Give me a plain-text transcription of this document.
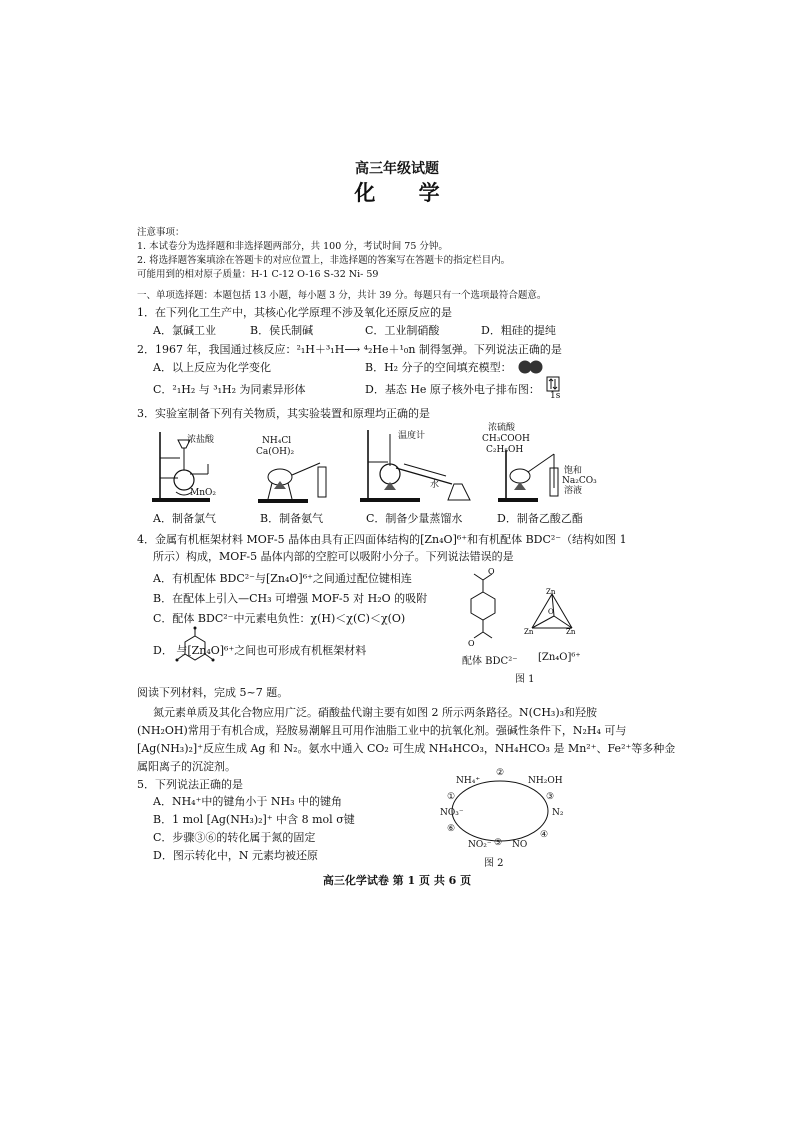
高三年级试题
化 学
注意事项：
1. 本试卷分为选择题和非选择题两部分，共 100 分，考试时间 75 分钟。
2. 将选择题答案填涂在答题卡的对应位置上，非选择题的答案写在答题卡的指定栏目内。
可能用到的相对原子质量：H-1 C-12 O-16 S-32 Ni- 59
一、单项选择题：本题包括 13 小题，每小题 3 分，共计 39 分。每题只有一个选项最符合题意。
1．在下列化工生产中，其核心化学原理不涉及氧化还原反应的是
A．氯碱工业	B．侯氏制碱	C．工业制硝酸	D．粗硅的提纯
2．1967 年，我国通过核反应：²₁H＋³₁H⟶ ⁴₂He＋¹₀n 制得氢弹。下列说法正确的是
A．以上反应为化学变化	B．H₂ 分子的空间填充模型：
C．²₁H₂ 与 ³₁H₂ 为同素异形体	D．基态 He 原子核外电子排布图： 1s
3．实验室制备下列有关物质，其实验装置和原理均正确的是
浓盐酸
MnO₂
NH₄Cl
Ca(OH)₂
温度计
水
浓硫酸
CH₃COOH
C₂H₅OH
饱和
Na₂CO₃
溶液
A．制备氯气	B．制备氨气	C．制备少量蒸馏水	D．制备乙酸乙酯
4．金属有机框架材料 MOF-5 晶体由具有正四面体结构的[Zn₄O]⁶⁺和有机配体 BDC²⁻（结构如图 1
所示）构成，MOF-5 晶体内部的空腔可以吸附小分子。下列说法错误的是
A．有机配体 BDC²⁻与[Zn₄O]⁶⁺之间通过配位键相连
B．在配体上引入—CH₃ 可增强 MOF-5 对 H₂O 的吸附
C．配体 BDC²⁻中元素电负性：χ(H)＜χ(C)＜χ(O)
D． 与[Zn₄O]⁶⁺之间也可形成有机框架材料
O
O
Zn
Zn	Zn
O
配体 BDC²⁻ [Zn₄O]⁶⁺
图 1
阅读下列材料，完成 5~7 题。
氮元素单质及其化合物应用广泛。硝酸盐代谢主要有如图 2 所示两条路径。N(CH₃)₃和羟胺
(NH₂OH)常用于有机合成，羟胺易潮解且可用作油脂工业中的抗氧化剂。强碱性条件下，N₂H₄ 可与
[Ag(NH₃)₂]⁺反应生成 Ag 和 N₂。氨水中通入 CO₂ 可生成 NH₄HCO₃，NH₄HCO₃ 是 Mn²⁺、Fe²⁺等多种金
属阳离子的沉淀剂。
5．下列说法正确的是
A．NH₄⁺中的键角小于 NH₃ 中的键角
B．1 mol [Ag(NH₃)₂]⁺ 中含 8 mol σ键
C．步骤③⑥的转化属于氮的固定
D．图示转化中，N 元素均被还原
NH₄⁺	NH₂OH
N₂
NO
NO₂⁻
NO₃⁻
②
①	③
④
⑤
⑥
图 2
高三化学试卷 第 1 页 共 6 页
